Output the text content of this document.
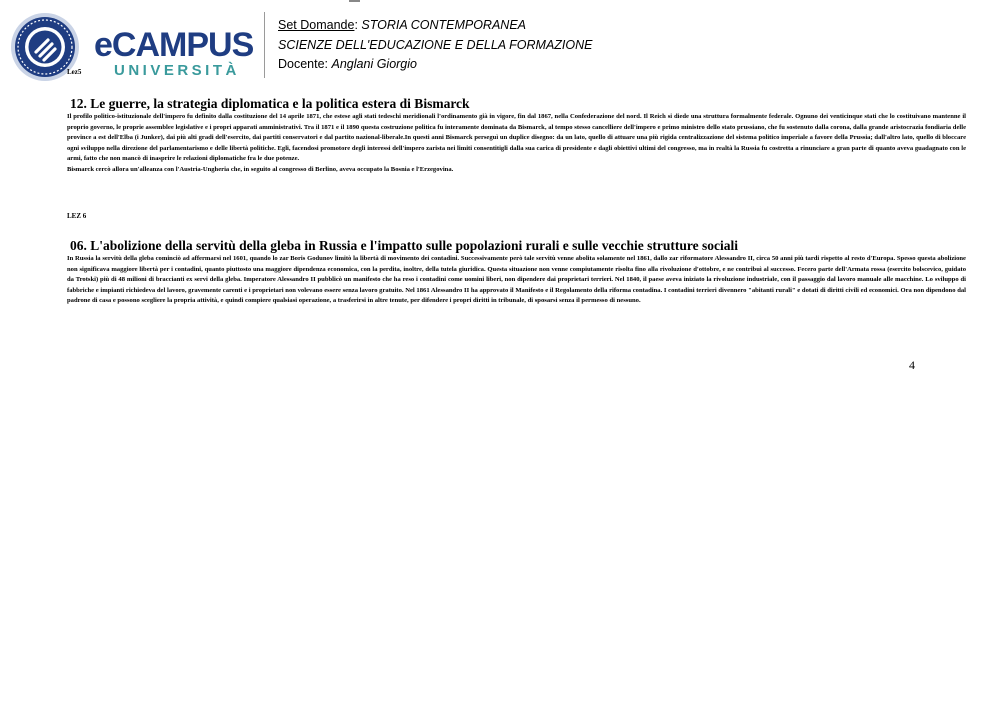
eCAMPUS
UNIVERSITÀ
Lez5
Set Domande: STORIA CONTEMPORANEA
SCIENZE DELL'EDUCAZIONE E DELLA FORMAZIONE
Docente: Anglani Giorgio
12. Le guerre, la strategia diplomatica e la politica estera di Bismarck

Il profilo politico-istituzionale dell'impero fu definito dalla costituzione del 14 aprile 1871, che estese agli stati tedeschi meridionali l'ordinamento già in vigore, fin dal 1867, nella Confederazione del nord. Il Reich si diede una struttura formalmente federale. Ognuno dei venticinque stati che lo costituivano mantenne il proprio governo, le proprie assemblee legislative e i propri apparati amministrativi. Tra il 1871 e il 1890 questa costruzione politica fu interamente dominata da Bismarck, al tempo stesso cancelliere dell'impero e primo ministro dello stato prussiano, che fu sostenuto dalla corona, dalla grande aristocrazia fondiaria delle province a est dell'Elba (i Junker), dai più alti gradi dell'esercito, dai partiti conservatori e dal partito nazional-liberale.In questi anni Bismarck perseguì un duplice disegno: da un lato, quello di attuare una più rigida centralizzazione del sistema politico imperiale a favore della Prussia; dall'altro lato, quello di bloccare ogni sviluppo nella direzione del parlamentarismo e delle libertà politiche. Egli, facendosi promotore degli interessi dell'impero zarista nei limiti consentitigli dalla sua carica di presidente e dagli obiettivi ultimi del congresso, ma in realtà la Russia fu costretta a rinunciare a gran parte di quanto aveva guadagnato con le armi, fatto che non mancò di inasprire le relazioni diplomatiche fra le due potenze.

Bismarck cercò allora un'alleanza con l'Austria-Ungheria che, in seguito al congresso di Berlino, aveva occupato la Bosnia e l'Erzegovina.

LEZ 6
06. L'abolizione della servitù della gleba in Russia e l'impatto sulle popolazioni rurali e sulle vecchie strutture sociali

In Russia la servitù della gleba cominciò ad affermarsi nel 1601, quando lo zar Boris Godunov limitò la libertà di movimento dei contadini. Successivamente però tale servitù venne abolita solamente nel 1861, dallo zar riformatore Alessandro II, circa 50 anni più tardi rispetto al resto d'Europa. Spesso questa abolizione non significava maggiore libertà per i contadini, quanto piuttosto una maggiore dipendenza economica, con la perdita, inoltre, della tutela giuridica. Questa situazione non venne compiutamente risolta fino alla rivoluzione d'ottobre, e ne contribuì al successo. Fecero parte dell'Armata rossa (esercito bolscevico, guidato da Trotski) più di 48 milioni di braccianti ex servi della gleba. Imperatore Alessandro II pubblicò un manifesto che ha reso i contadini come uomini liberi, non dipendere dai proprietari terrieri. Nel 1840, il paese aveva iniziato la rivoluzione industriale, con il passaggio dal lavoro manuale alle macchine. Lo sviluppo di fabbriche e impianti richiedeva del lavoro, gravemente carenti e i proprietari non volevano essere senza lavoro gratuito. Nel 1861 Alessandro II ha approvato il Manifesto e il Regolamento della riforma contadina. I contadini terrieri divennero "abitanti rurali" e dotati di diritti civili ed economici. Ora non dipendono dal padrone di casa e possono scegliere la propria attività, e quindi compiere qualsiasi operazione, a trasferirsi in altre tenute, per difendere i propri diritti in tribunale, di sposarsi senza il permesso di nessuno.

4
